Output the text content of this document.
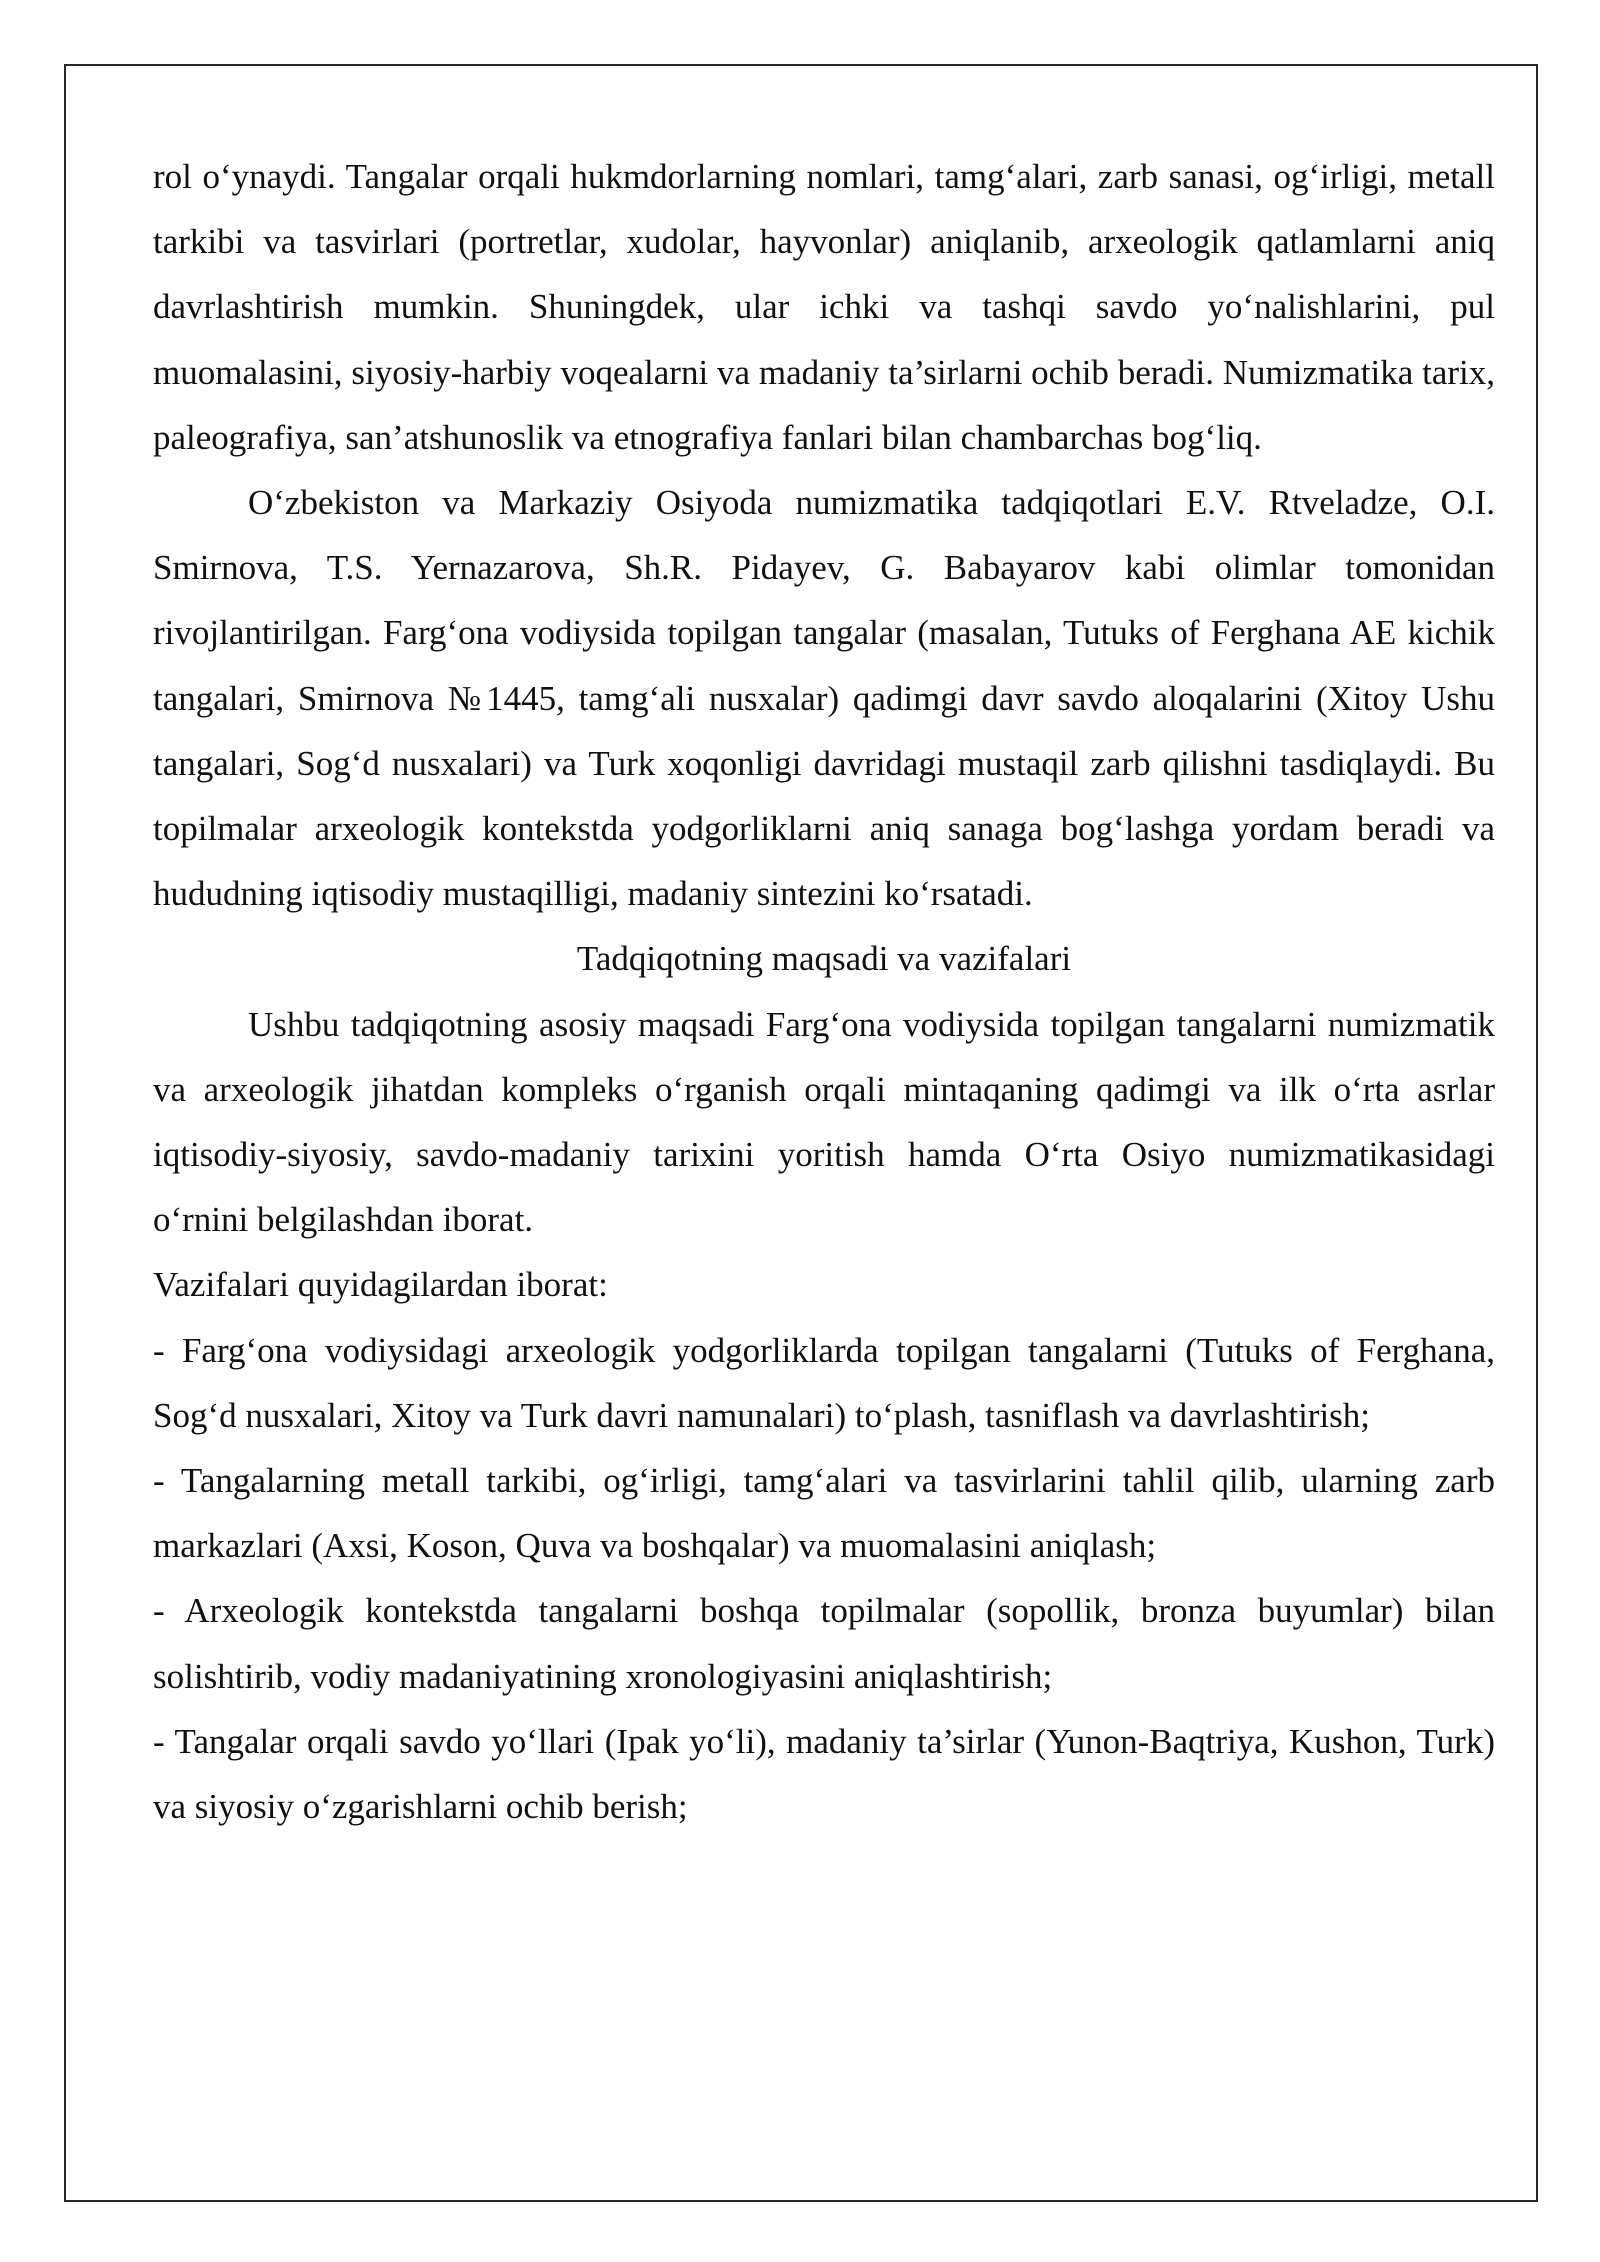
rol o‘ynaydi. Tangalar orqali hukmdorlarning nomlari, tamg‘alari, zarb sanasi, og‘irligi, metall tarkibi va tasvirlari (portretlar, xudolar, hayvonlar) aniqlanib, arxeologik qatlamlarni aniq davrlashtirish mumkin. Shuningdek, ular ichki va tashqi savdo yo‘nalishlarini, pul muomalasini, siyosiy-harbiy voqealarni va madaniy ta’sirlarni ochib beradi. Numizmatika tarix, paleografiya, san’atshunoslik va etnografiya fanlari bilan chambarchas bog‘liq.

O‘zbekiston va Markaziy Osiyoda numizmatika tadqiqotlari E.V. Rtveladze, O.I. Smirnova, T.S. Yernazarova, Sh.R. Pidayev, G. Babayarov kabi olimlar tomonidan rivojlantirilgan. Farg‘ona vodiysida topilgan tangalar (masalan, Tutuks of Ferghana AE kichik tangalari, Smirnova №1445, tamg‘ali nusxalar) qadimgi davr savdo aloqalarini (Xitoy Ushu tangalari, Sog‘d nusxalari) va Turk xoqonligi davridagi mustaqil zarb qilishni tasdiqlaydi. Bu topilmalar arxeologik kontekstda yodgorliklarni aniq sanaga bog‘lashga yordam beradi va hududning iqtisodiy mustaqilligi, madaniy sintezini ko‘rsatadi.

Tadqiqotning maqsadi va vazifalari

Ushbu tadqiqotning asosiy maqsadi Farg‘ona vodiysida topilgan tangalarni numizmatik va arxeologik jihatdan kompleks o‘rganish orqali mintaqaning qadimgi va ilk o‘rta asrlar iqtisodiy-siyosiy, savdo-madaniy tarixini yoritish hamda O‘rta Osiyo numizmatikasidagi o‘rnini belgilashdan iborat.

Vazifalari quyidagilardan iborat:

- Farg‘ona vodiysidagi arxeologik yodgorliklarda topilgan tangalarni (Tutuks of Ferghana, Sog‘d nusxalari, Xitoy va Turk davri namunalari) to‘plash, tasniflash va davrlashtirish;

- Tangalarning metall tarkibi, og‘irligi, tamg‘alari va tasvirlarini tahlil qilib, ularning zarb markazlari (Axsi, Koson, Quva va boshqalar) va muomalasini aniqlash;

- Arxeologik kontekstda tangalarni boshqa topilmalar (sopollik, bronza buyumlar) bilan solishtirib, vodiy madaniyatining xronologiyasini aniqlashtirish;

- Tangalar orqali savdo yo‘llari (Ipak yo‘li), madaniy ta’sirlar (Yunon-Baqtriya, Kushon, Turk) va siyosiy o‘zgarishlarni ochib berish;
